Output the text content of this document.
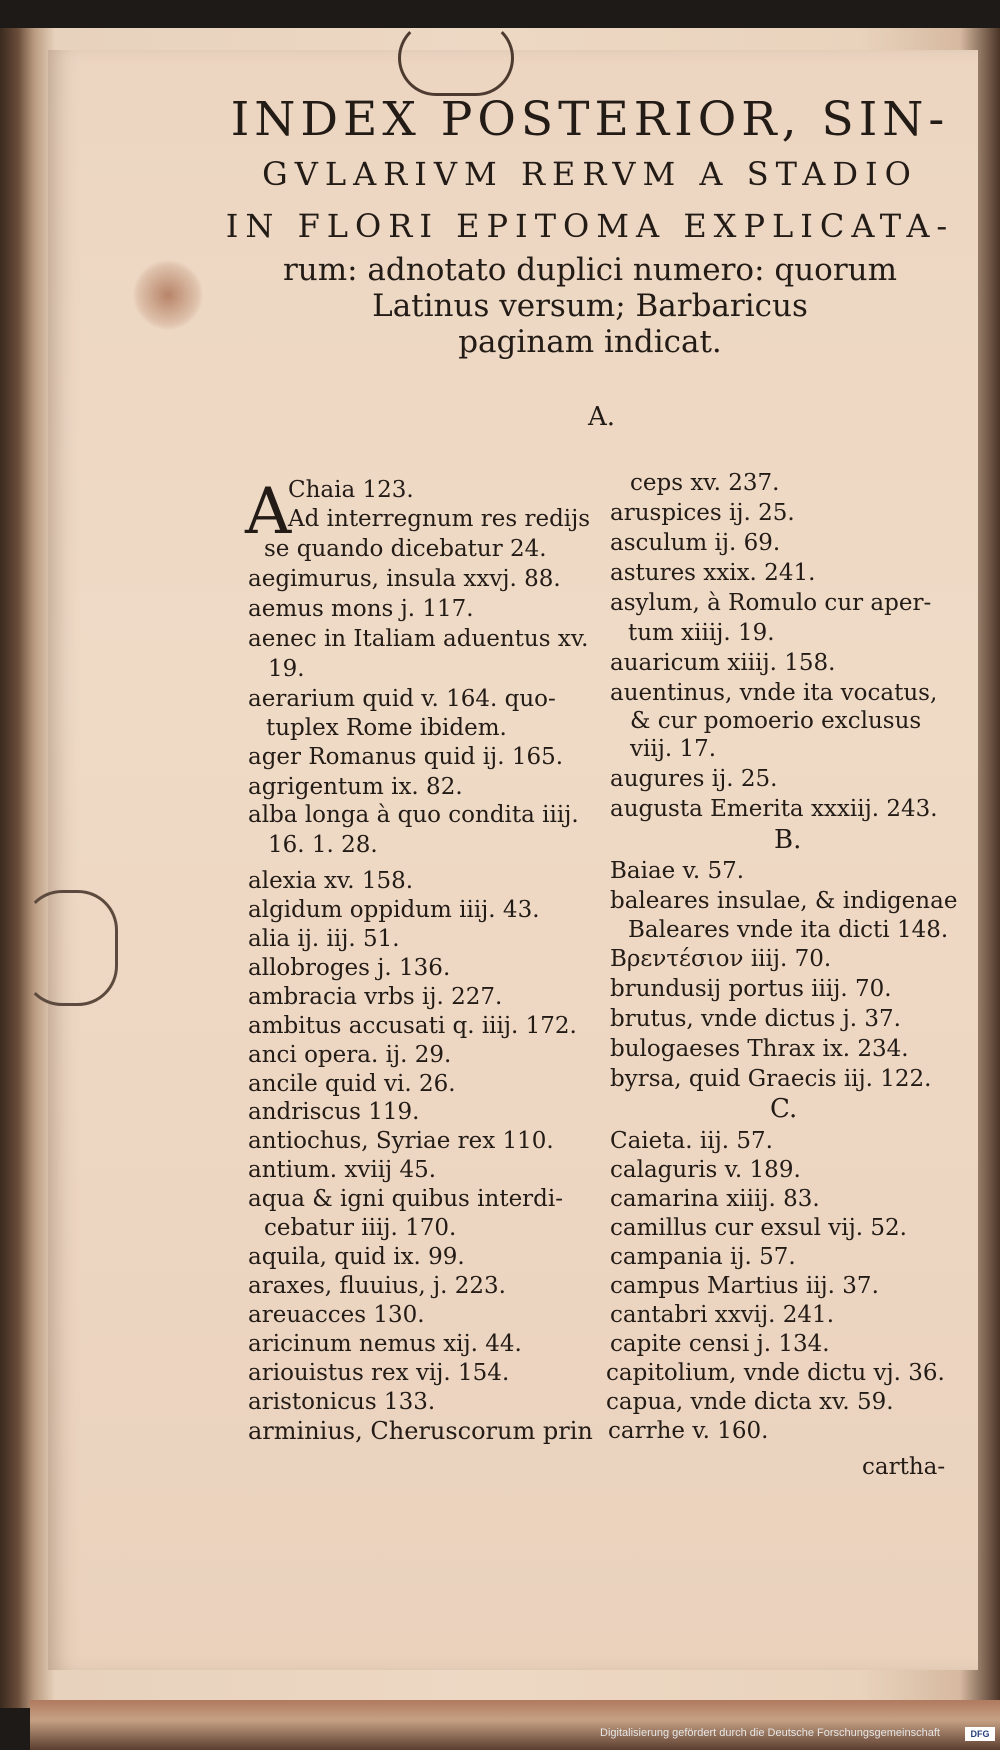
INDEX POSTERIOR, SIN-
GVLARIVM RERVM A STADIO
IN FLORI EPITOMA EXPLICATA-
rum: adnotato duplici numero: quorum
Latinus versum; Barbaricus
paginam indicat.
A.
A
Chaia 123.
Ad interregnum res redijs
se quando dicebatur 24.
aegimurus, insula xxvj. 88.
aemus mons j. 117.
aenec in Italiam aduentus xv.
19.
aerarium quid v. 164. quo-
tuplex Rome ibidem.
ager Romanus quid ij. 165.
agrigentum ix. 82.
alba longa à quo condita iiij.
16. 1. 28.
alexia xv. 158.
algidum oppidum iiij. 43.
alia ij. iij. 51.
allobroges j. 136.
ambracia vrbs ij. 227.
ambitus accusati q. iiij. 172.
anci opera. ij. 29.
ancile quid vi. 26.
andriscus 119.
antiochus, Syriae rex 110.
antium. xviij 45.
aqua & igni quibus interdi-
cebatur iiij. 170.
aquila, quid ix. 99.
araxes, fluuius, j. 223.
areuacces 130.
aricinum nemus xij. 44.
ariouistus rex vij. 154.
aristonicus 133.
arminius, Cheruscorum prin
ceps xv. 237.
aruspices ij. 25.
asculum ij. 69.
astures xxix. 241.
asylum, à Romulo cur aper-
tum xiiij. 19.
auaricum xiiij. 158.
auentinus, vnde ita vocatus,
& cur pomoerio exclusus
viij. 17.
augures ij. 25.
augusta Emerita xxxiij. 243.
B.
Baiae v. 57.
baleares insulae, & indigenae
Baleares vnde ita dicti 148.
Βρεντέσιον iiij. 70.
brundusij portus iiij. 70.
brutus, vnde dictus j. 37.
bulogaeses Thrax ix. 234.
byrsa, quid Graecis iij. 122.
C.
Caieta. iij. 57.
calaguris v. 189.
camarina xiiij. 83.
camillus cur exsul vij. 52.
campania ij. 57.
campus Martius iij. 37.
cantabri xxvij. 241.
capite censi j. 134.
capitolium, vnde dictu vj. 36.
capua, vnde dicta xv. 59.
carrhe v. 160.
cartha-
Digitalisierung gefördert durch die Deutsche Forschungsgemeinschaft	DFG
